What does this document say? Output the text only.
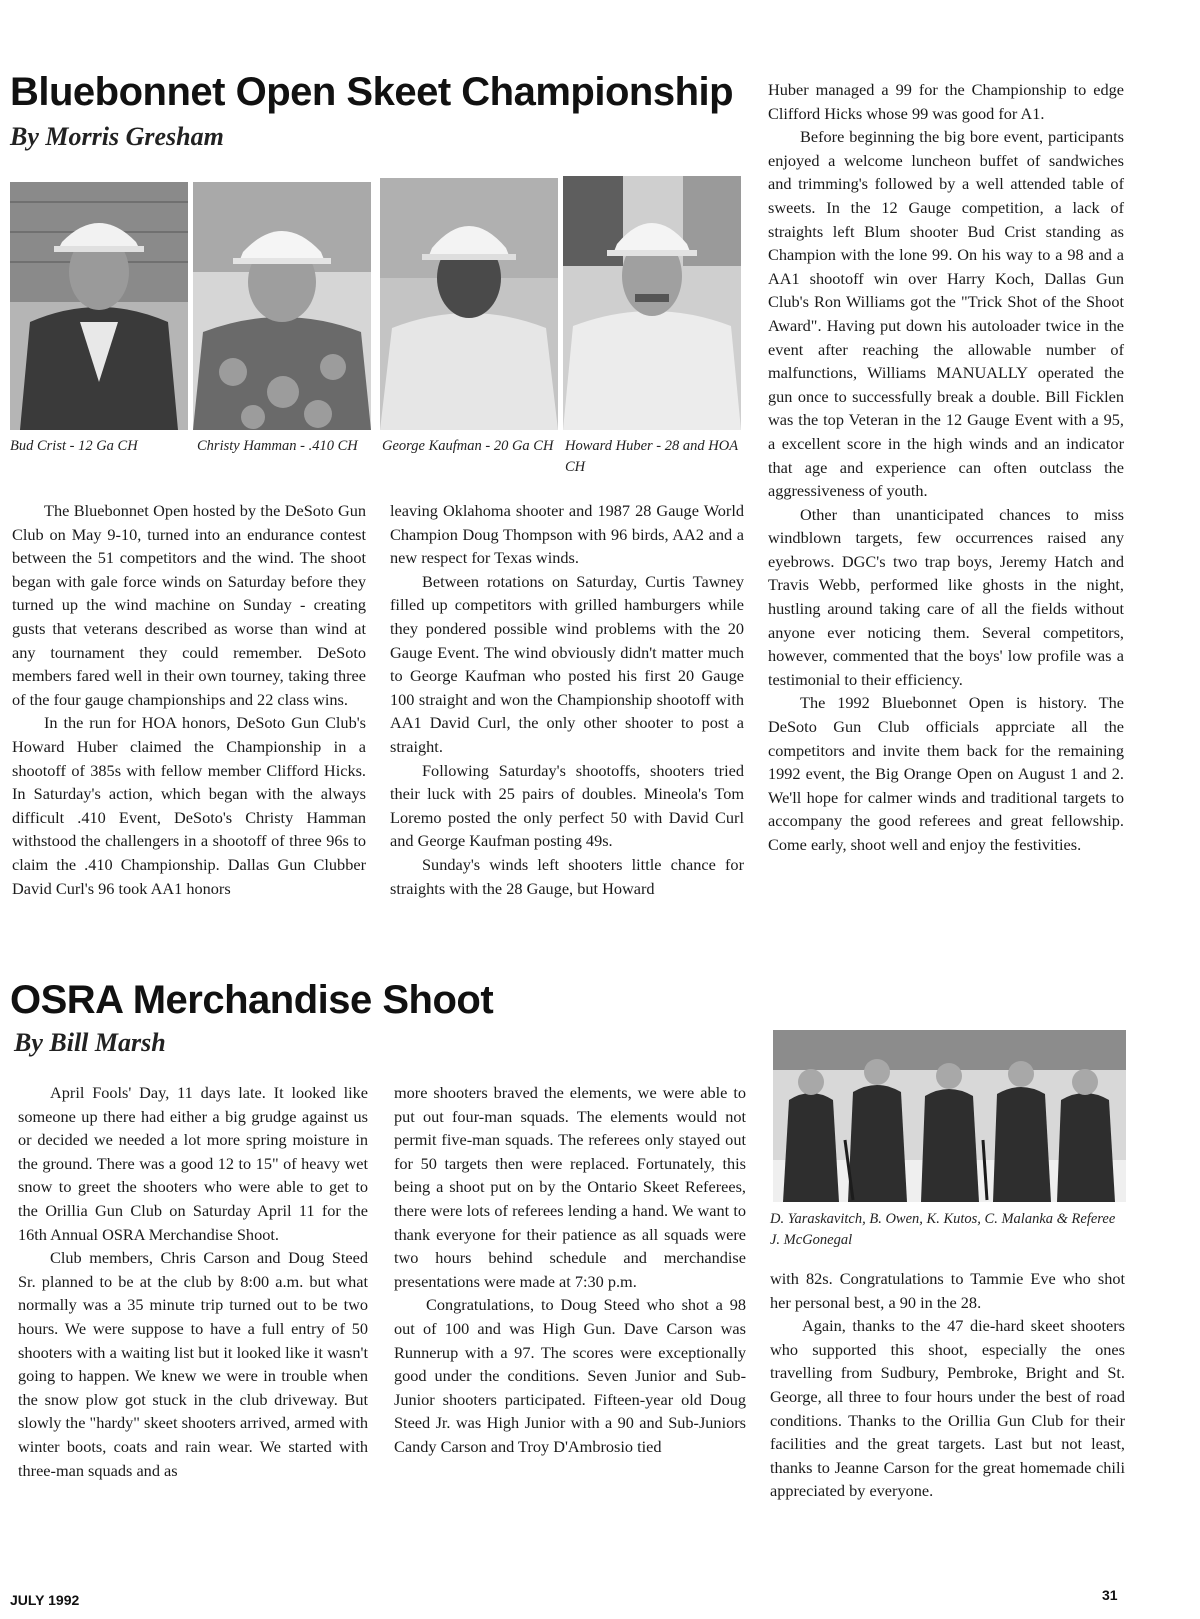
Bluebonnet Open Skeet Championship
By Morris Gresham
Bud Crist - 12 Ga CH	Christy Hamman - .410 CH	George Kaufman - 20 Ga CH Howard Huber - 28 and HOA CH

The Bluebonnet Open hosted by the DeSoto Gun Club on May 9-10, turned into an endurance contest between the 51 competitors and the wind. The shoot began with gale force winds on Saturday before they turned up the wind machine on Sunday - creating gusts that veterans described as worse than wind at any tournament they could remember. DeSoto members fared well in their own tourney, taking three of the four gauge championships and 22 class wins.

In the run for HOA honors, DeSoto Gun Club's Howard Huber claimed the Championship in a shootoff of 385s with fellow member Clifford Hicks. In Saturday's action, which began with the always difficult .410 Event, DeSoto's Christy Hamman withstood the challengers in a shootoff of three 96s to claim the .410 Championship. Dallas Gun Clubber David Curl's 96 took AA1 honors

leaving Oklahoma shooter and 1987 28 Gauge World Champion Doug Thompson with 96 birds, AA2 and a new respect for Texas winds.

Between rotations on Saturday, Curtis Tawney filled up competitors with grilled hamburgers while they pondered possible wind problems with the 20 Gauge Event. The wind obviously didn't matter much to George Kaufman who posted his first 20 Gauge 100 straight and won the Championship shootoff with AA1 David Curl, the only other shooter to post a straight.

Following Saturday's shootoffs, shooters tried their luck with 25 pairs of doubles. Mineola's Tom Loremo posted the only perfect 50 with David Curl and George Kaufman posting 49s.

Sunday's winds left shooters little chance for straights with the 28 Gauge, but Howard

Huber managed a 99 for the Championship to edge Clifford Hicks whose 99 was good for A1.

Before beginning the big bore event, participants enjoyed a welcome luncheon buffet of sandwiches and trimming's followed by a well attended table of sweets. In the 12 Gauge competition, a lack of straights left Blum shooter Bud Crist standing as Champion with the lone 99. On his way to a 98 and a AA1 shootoff win over Harry Koch, Dallas Gun Club's Ron Williams got the "Trick Shot of the Shoot Award". Having put down his autoloader twice in the event after reaching the allowable number of malfunctions, Williams MANUALLY operated the gun once to successfully break a double. Bill Ficklen was the top Veteran in the 12 Gauge Event with a 95, a excellent score in the high winds and an indicator that age and experience can often outclass the aggressiveness of youth.

Other than unanticipated chances to miss windblown targets, few occurrences raised any eyebrows. DGC's two trap boys, Jeremy Hatch and Travis Webb, performed like ghosts in the night, hustling around taking care of all the fields without anyone ever noticing them. Several competitors, however, commented that the boys' low profile was a testimonial to their efficiency.

The 1992 Bluebonnet Open is history. The DeSoto Gun Club officials apprciate all the competitors and invite them back for the remaining 1992 event, the Big Orange Open on August 1 and 2. We'll hope for calmer winds and traditional targets to accompany the good referees and great fellowship. Come early, shoot well and enjoy the festivities.

OSRA Merchandise Shoot
By Bill Marsh

April Fools' Day, 11 days late. It looked like someone up there had either a big grudge against us or decided we needed a lot more spring moisture in the ground. There was a good 12 to 15" of heavy wet snow to greet the shooters who were able to get to the Orillia Gun Club on Saturday April 11 for the 16th Annual OSRA Merchandise Shoot.

Club members, Chris Carson and Doug Steed Sr. planned to be at the club by 8:00 a.m. but what normally was a 35 minute trip turned out to be two hours. We were suppose to have a full entry of 50 shooters with a waiting list but it looked like it wasn't going to happen. We knew we were in trouble when the snow plow got stuck in the club driveway. But slowly the "hardy" skeet shooters arrived, armed with winter boots, coats and rain wear. We started with three-man squads and as

more shooters braved the elements, we were able to put out four-man squads. The elements would not permit five-man squads. The referees only stayed out for 50 targets then were replaced. Fortunately, this being a shoot put on by the Ontario Skeet Referees, there were lots of referees lending a hand. We want to thank everyone for their patience as all squads were two hours behind schedule and merchandise presentations were made at 7:30 p.m.

Congratulations, to Doug Steed who shot a 98 out of 100 and was High Gun. Dave Carson was Runnerup with a 97. The scores were exceptionally good under the conditions. Seven Junior and Sub-Junior shooters participated. Fifteen-year old Doug Steed Jr. was High Junior with a 90 and Sub-Juniors Candy Carson and Troy D'Ambrosio tied

D. Yaraskavitch, B. Owen, K. Kutos, C. Malanka & Referee J. McGonegal

with 82s. Congratulations to Tammie Eve who shot her personal best, a 90 in the 28.

Again, thanks to the 47 die-hard skeet shooters who supported this shoot, especially the ones travelling from Sudbury, Pembroke, Bright and St. George, all three to four hours under the best of road conditions. Thanks to the Orillia Gun Club for their facilities and the great targets. Last but not least, thanks to Jeanne Carson for the great homemade chili appreciated by everyone.

JULY 1992	31
